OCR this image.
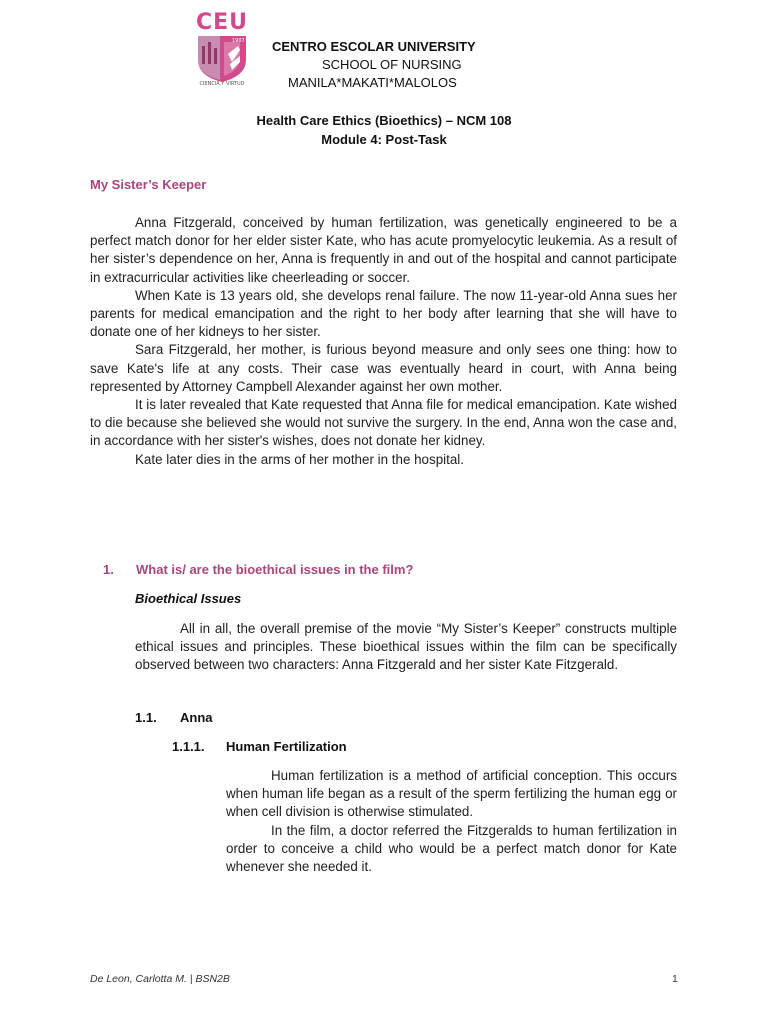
CEU
1907
CIENCIA Y VIRTUD
CENTRO ESCOLAR UNIVERSITY
SCHOOL OF NURSING
MANILA*MAKATI*MALOLOS
Health Care Ethics (Bioethics) – NCM 108
Module 4: Post-Task
My Sister’s Keeper

Anna Fitzgerald, conceived by human fertilization, was genetically engineered to be a perfect match donor for her elder sister Kate, who has acute promyelocytic leukemia. As a result of her sister’s dependence on her, Anna is frequently in and out of the hospital and cannot participate in extracurricular activities like cheerleading or soccer.

When Kate is 13 years old, she develops renal failure. The now 11-year-old Anna sues her parents for medical emancipation and the right to her body after learning that she will have to donate one of her kidneys to her sister.

Sara Fitzgerald, her mother, is furious beyond measure and only sees one thing: how to save Kate's life at any costs. Their case was eventually heard in court, with Anna being represented by Attorney Campbell Alexander against her own mother.

It is later revealed that Kate requested that Anna file for medical emancipation. Kate wished to die because she believed she would not survive the surgery. In the end, Anna won the case and, in accordance with her sister's wishes, does not donate her kidney.

Kate later dies in the arms of her mother in the hospital.

1. What is/ are the bioethical issues in the film?
Bioethical Issues

All in all, the overall premise of the movie “My Sister’s Keeper” constructs multiple ethical issues and principles. These bioethical issues within the film can be specifically observed between two characters: Anna Fitzgerald and her sister Kate Fitzgerald.

1.1. Anna
1.1.1. Human Fertilization

Human fertilization is a method of artificial conception. This occurs when human life began as a result of the sperm fertilizing the human egg or when cell division is otherwise stimulated.

In the film, a doctor referred the Fitzgeralds to human fertilization in order to conceive a child who would be a perfect match donor for Kate whenever she needed it.

De Leon, Carlotta M. | BSN2B	1
